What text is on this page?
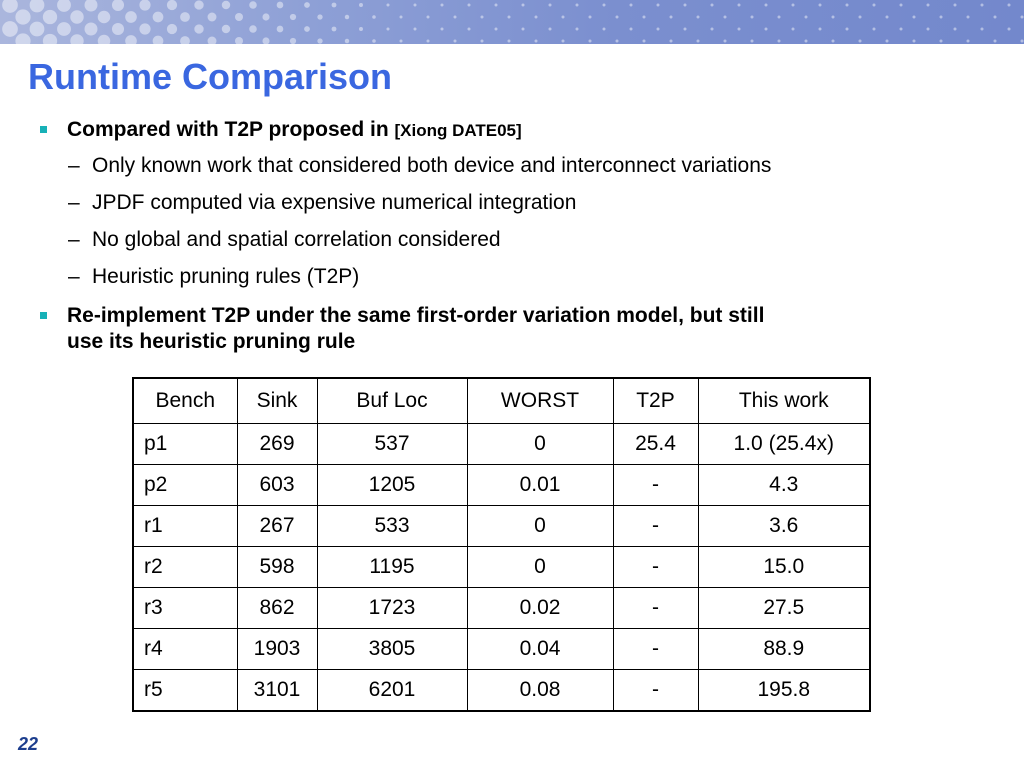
Runtime Comparison
Compared with T2P proposed in [Xiong DATE05]
– Only known work that considered both device and interconnect variations
– JPDF computed via expensive numerical integration
– No global and spatial correlation considered
– Heuristic pruning rules (T2P)
Re-implement T2P under the same first-order variation model, but still
use its heuristic pruning rule
Bench	Sink	Buf Loc	WORST	T2P	This work
p1	269	537	0	25.4	1.0 (25.4x)
p2	603	1205	0.01	-	4.3
r1	267	533	0	-	3.6
r2	598	1195	0	-	15.0
r3	862	1723	0.02	-	27.5
r4	1903	3805	0.04	-	88.9
r5	3101	6201	0.08	-	195.8
22
